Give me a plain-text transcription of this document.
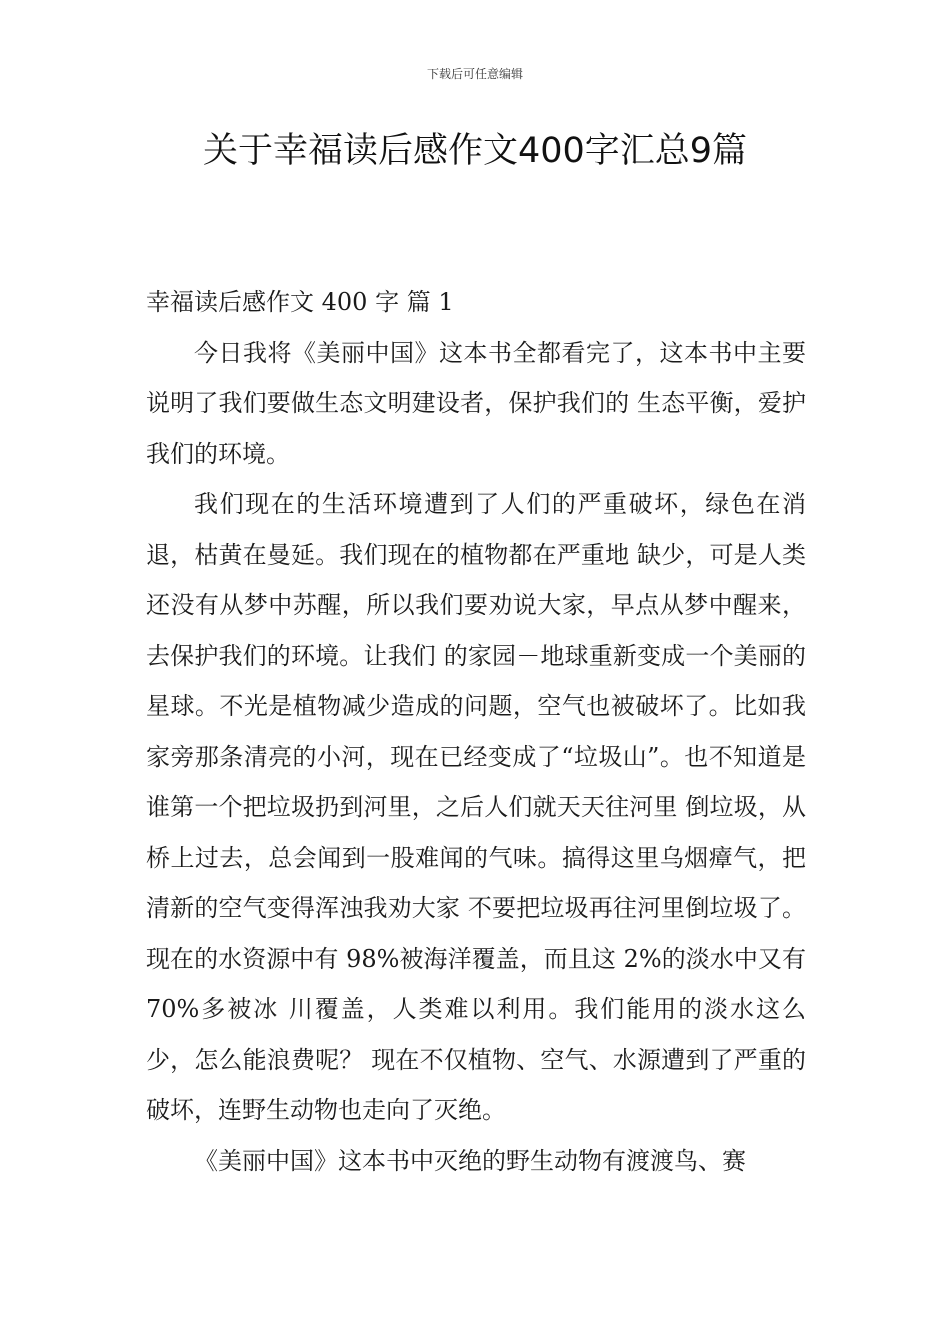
下载后可任意编辑
关于幸福读后感作文400字汇总9篇
幸福读后感作文 400 字 篇 1

今日我将《美丽中国》这本书全都看完了，这本书中主要说明了我们要做生态文明建设者，保护我们的 生态平衡，爱护我们的环境。

我们现在的生活环境遭到了人们的严重破坏，绿色在消退，枯黄在曼延。我们现在的植物都在严重地 缺少，可是人类还没有从梦中苏醒，所以我们要劝说大家，早点从梦中醒来，去保护我们的环境。让我们 的家园－地球重新变成一个美丽的星球。不光是植物减少造成的问题，空气也被破坏了。比如我家旁那条清亮的小河，现在已经变成了“垃圾山”。也不知道是谁第一个把垃圾扔到河里，之后人们就天天往河里 倒垃圾，从桥上过去，总会闻到一股难闻的气味。搞得这里乌烟瘴气，把清新的空气变得浑浊我劝大家 不要把垃圾再往河里倒垃圾了。现在的水资源中有 98%被海洋覆盖，而且这 2%的淡水中又有 70%多被冰 川覆盖，人类难以利用。我们能用的淡水这么少，怎么能浪费呢？ 现在不仅植物、空气、水源遭到了严重的破坏，连野生动物也走向了灭绝。

《美丽中国》这本书中灭绝的野生动物有渡渡鸟、赛
